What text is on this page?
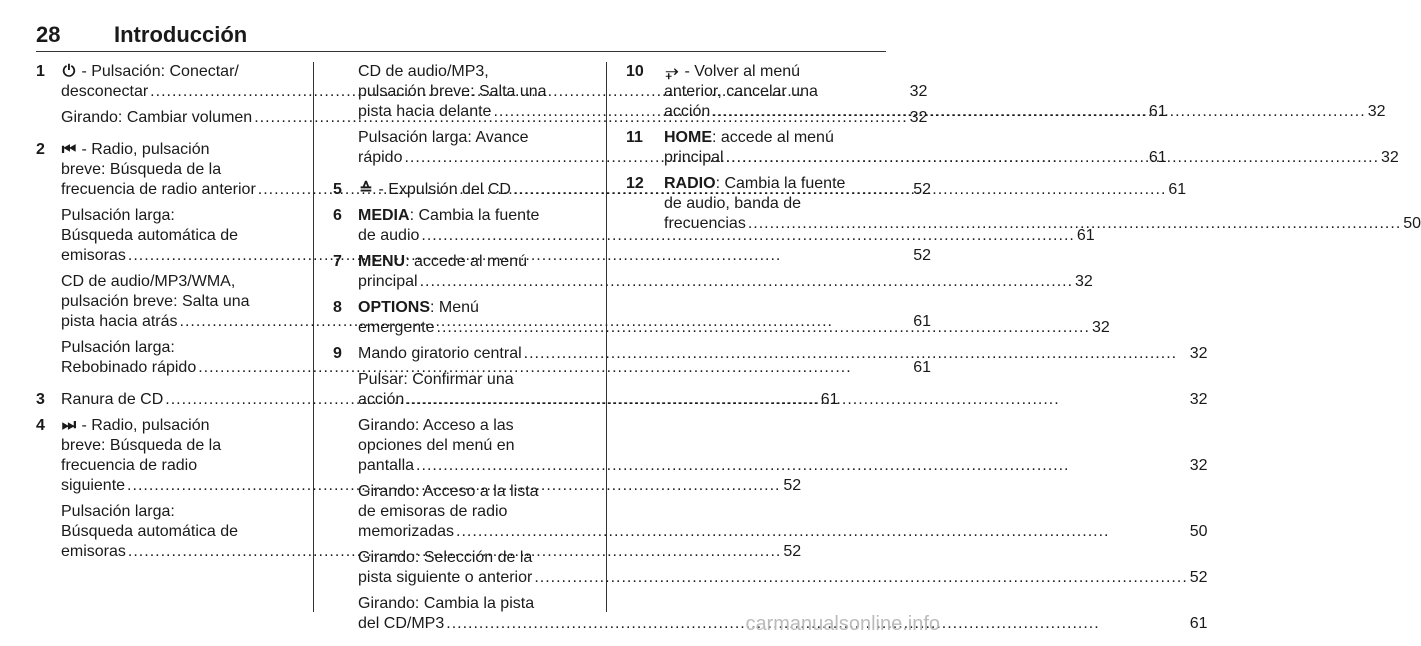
28 Introducción
1	⏻ - Pulsación: Conectar/
desconectar .....	32
Girando: Cambiar volumen .....	32
2	⏮ - Radio, pulsación
breve: Búsqueda de la
frecuencia de radio anterior .....	52
Pulsación larga:
Búsqueda automática de
emisoras .....	52
CD de audio/MP3/WMA,
pulsación breve: Salta una
pista hacia atrás .....	61
Pulsación larga:
Rebobinado rápido .....	61
3	Ranura de CD .....	61
4	⏭ - Radio, pulsación
breve: Búsqueda de la
frecuencia de radio
siguiente .....	52
Pulsación larga:
Búsqueda automática de
emisoras .....	52
CD de audio/MP3,
pulsación breve: Salta una
pista hacia delante .....	61
Pulsación larga: Avance
rápido .....	61
5	≙ - Expulsión del CD .....	61
6	MEDIA: Cambia la fuente
de audio .....	61
7	MENU: accede al menú
principal .....	32
8	OPTIONS: Menú
emergente .....	32
9	Mando giratorio central .....	32
Pulsar: Confirmar una
acción .....	32
Girando: Acceso a las
opciones del menú en
pantalla .....	32
Girando: Acceso a la lista
de emisoras de radio
memorizadas .....	50
Girando: Selección de la
pista siguiente o anterior .....	52
Girando: Cambia la pista
del CD/MP3 .....	61
10	⥅ - Volver al menú
anterior, cancelar una
acción .....	32
11	HOME: accede al menú
principal .....	32
12	RADIO: Cambia la fuente
de audio, banda de
frecuencias .....	50
carmanualsonline.info
